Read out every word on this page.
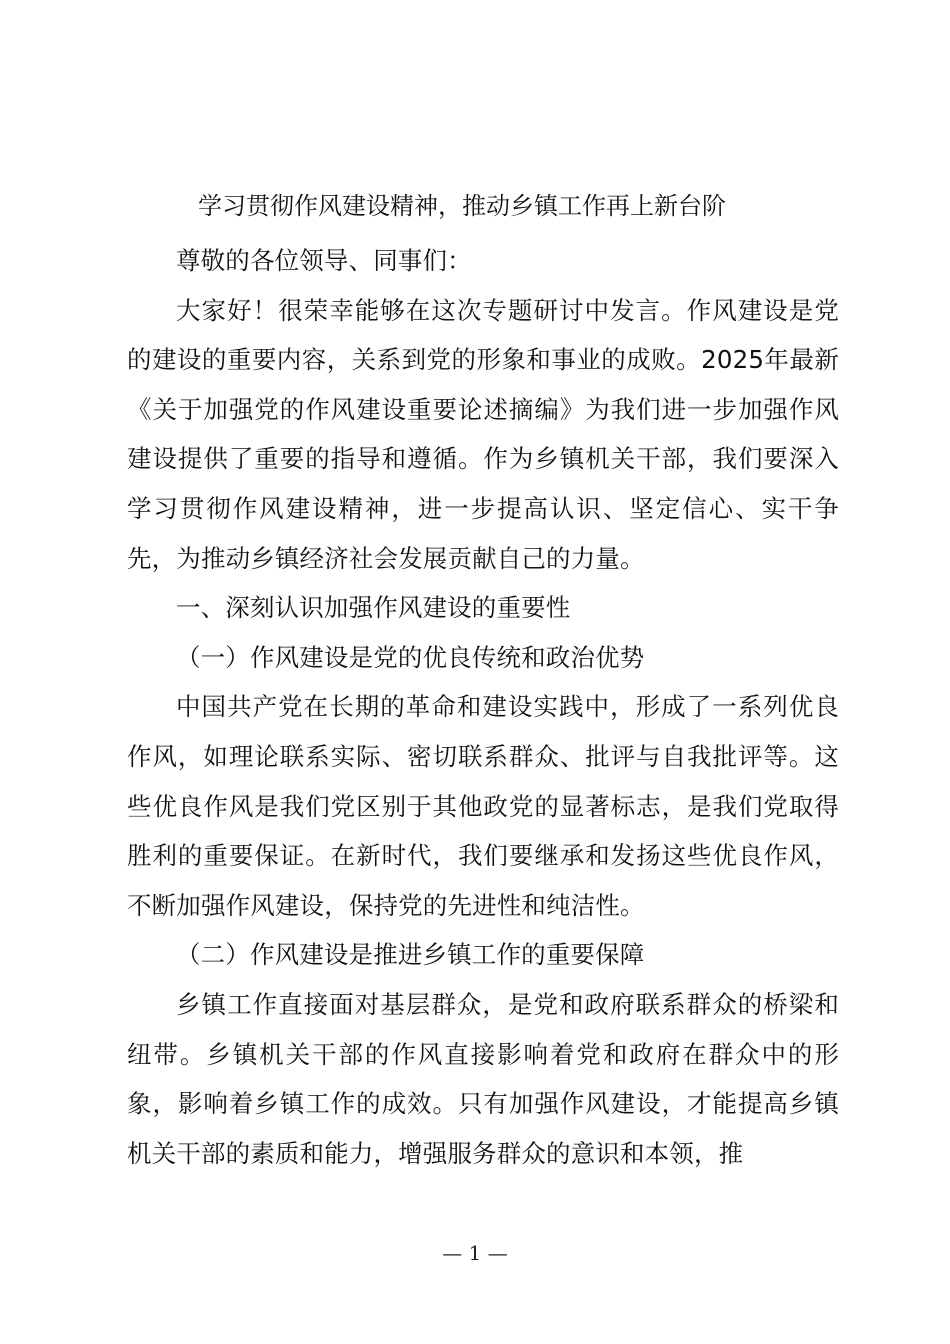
学习贯彻作风建设精神，推动乡镇工作再上新台阶

尊敬的各位领导、同事们：

大家好！很荣幸能够在这次专题研讨中发言。作风建设是党的建设的重要内容，关系到党的形象和事业的成败。2025年最新《关于加强党的作风建设重要论述摘编》为我们进一步加强作风建设提供了重要的指导和遵循。作为乡镇机关干部，我们要深入学习贯彻作风建设精神，进一步提高认识、坚定信心、实干争先，为推动乡镇经济社会发展贡献自己的力量。

一、深刻认识加强作风建设的重要性

（一）作风建设是党的优良传统和政治优势

中国共产党在长期的革命和建设实践中，形成了一系列优良作风，如理论联系实际、密切联系群众、批评与自我批评等。这些优良作风是我们党区别于其他政党的显著标志，是我们党取得胜利的重要保证。在新时代，我们要继承和发扬这些优良作风，不断加强作风建设，保持党的先进性和纯洁性。

（二）作风建设是推进乡镇工作的重要保障

乡镇工作直接面对基层群众，是党和政府联系群众的桥梁和纽带。乡镇机关干部的作风直接影响着党和政府在群众中的形象，影响着乡镇工作的成效。只有加强作风建设，才能提高乡镇机关干部的素质和能力，增强服务群众的意识和本领，推

— 1 —
